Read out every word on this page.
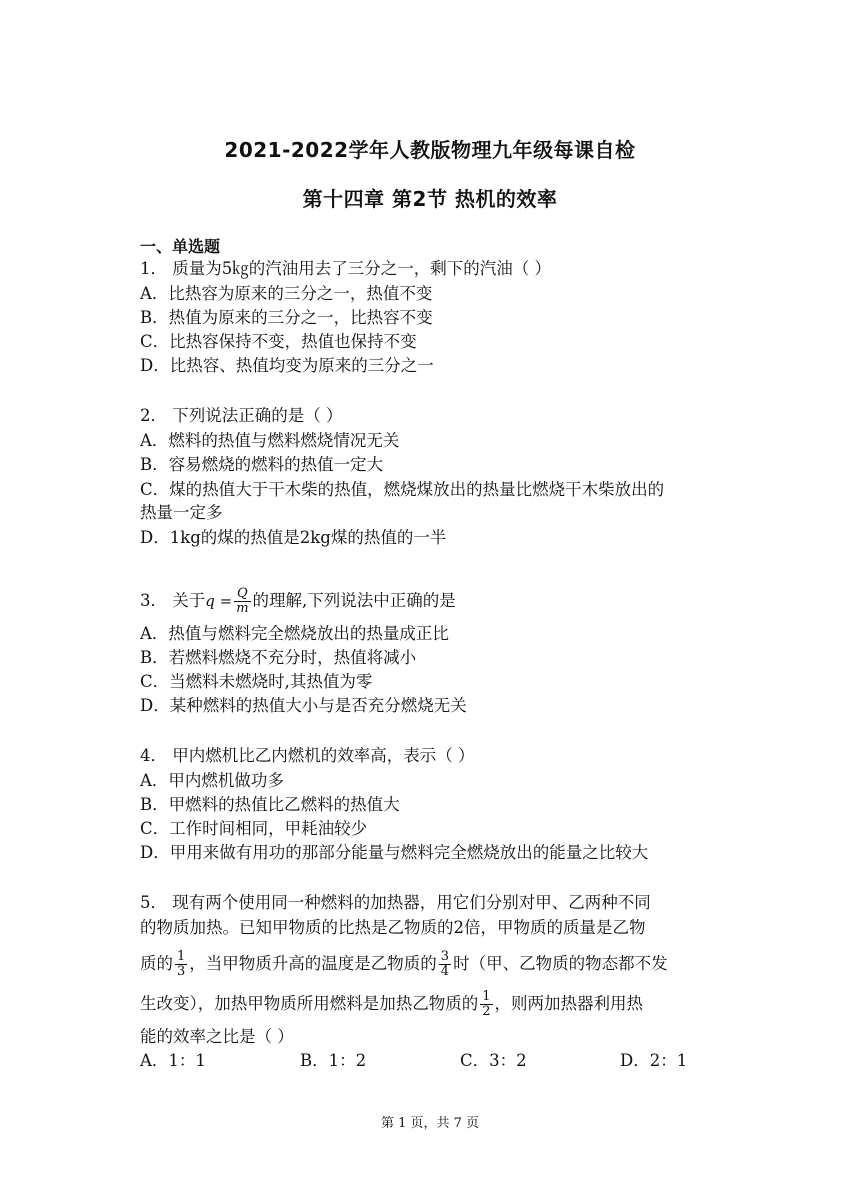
2021-2022学年人教版物理九年级每课自检
第十四章 第2节 热机的效率
一、单选题
1． 质量为5㎏的汽油用去了三分之一，剩下的汽油（ ）
A．比热容为原来的三分之一，热值不变
B．热值为原来的三分之一，比热容不变
C．比热容保持不变，热值也保持不变
D．比热容、热值均变为原来的三分之一
2． 下列说法正确的是（ ）
A．燃料的热值与燃料燃烧情况无关
B．容易燃烧的燃料的热值一定大
C．煤的热值大于干木柴的热值，燃烧煤放出的热量比燃烧干木柴放出的
热量一定多
D．1kg的煤的热值是2kg煤的热值的一半
3． 关于$q = \frac{Q}{m}$ 的理解,下列说法中正确的是
A．热值与燃料完全燃烧放出的热量成正比
B．若燃料燃烧不充分时，热值将减小
C．当燃料未燃烧时,其热值为零
D．某种燃料的热值大小与是否充分燃烧无关
4． 甲内燃机比乙内燃机的效率高，表示（ ）
A．甲内燃机做功多
B．甲燃料的热值比乙燃料的热值大
C．工作时间相同，甲耗油较少
D．甲用来做有用功的那部分能量与燃料完全燃烧放出的能量之比较大
5． 现有两个使用同一种燃料的加热器，用它们分别对甲、乙两种不同
的物质加热。已知甲物质的比热是乙物质的2倍，甲物质的质量是乙物
质的 $\frac{1}{3}$ ，当甲物质升高的温度是乙物质的 $\frac{3}{4}$ 时（甲、乙物质的物态都不发
生改变），加热甲物质所用燃料是加热乙物质的 $\frac{1}{2}$ ，则两加热器利用热
能的效率之比是（ ）
A．1：1	B．1：2	C．3：2	D．2：1
第 1 页，共 7 页
